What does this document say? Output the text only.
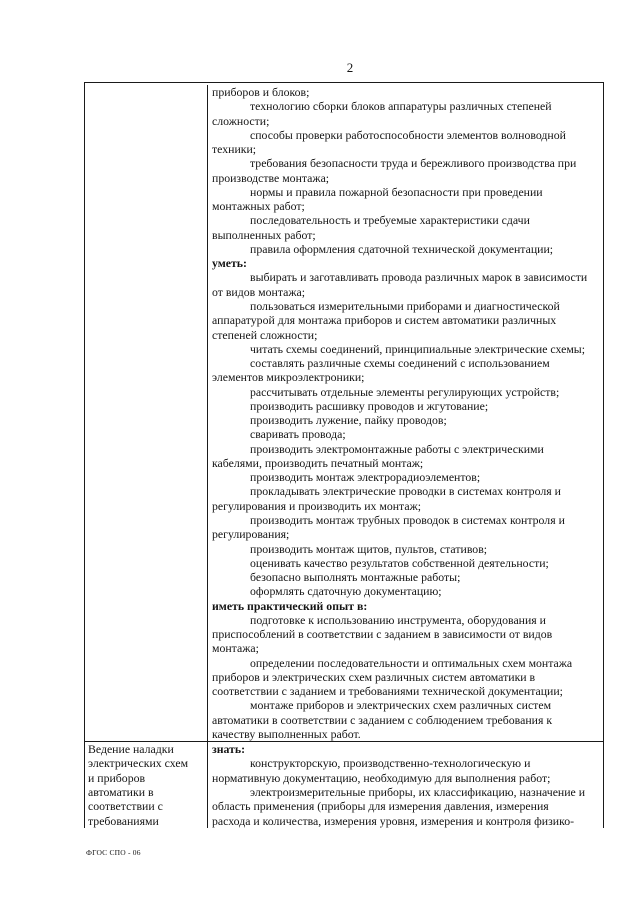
2
приборов и блоков;
технологию сборки блоков аппаратуры различных степеней
сложности;
способы проверки работоспособности элементов волноводной
техники;
требования безопасности труда и бережливого производства при
производстве монтажа;
нормы и правила пожарной безопасности при проведении
монтажных работ;
последовательность и требуемые характеристики сдачи
выполненных работ;
правила оформления сдаточной технической документации;
уметь:
выбирать и заготавливать провода различных марок в зависимости
от видов монтажа;
пользоваться измерительными приборами и диагностической
аппаратурой для монтажа приборов и систем автоматики различных
степеней сложности;
читать схемы соединений, принципиальные электрические схемы;
составлять различные схемы соединений с использованием
элементов микроэлектроники;
рассчитывать отдельные элементы регулирующих устройств;
производить расшивку проводов и жгутование;
производить лужение, пайку проводов;
сваривать провода;
производить электромонтажные работы с электрическими
кабелями, производить печатный монтаж;
производить монтаж электрорадиоэлементов;
прокладывать электрические проводки в системах контроля и
регулирования и производить их монтаж;
производить монтаж трубных проводок в системах контроля и
регулирования;
производить монтаж щитов, пультов, стативов;
оценивать качество результатов собственной деятельности;
безопасно выполнять монтажные работы;
оформлять сдаточную документацию;
иметь практический опыт в:
подготовке к использованию инструмента, оборудования и
приспособлений в соответствии с заданием в зависимости от видов
монтажа;
определении последовательности и оптимальных схем монтажа
приборов и электрических схем различных систем автоматики в
соответствии с заданием и требованиями технической документации;
монтаже приборов и электрических схем различных систем
автоматики в соответствии с заданием с соблюдением требования к
качеству выполненных работ.
Ведение наладки
электрических схем
и приборов
автоматики в
соответствии с
требованиями
знать:
конструкторскую, производственно-технологическую и
нормативную документацию, необходимую для выполнения работ;
электроизмерительные приборы, их классификацию, назначение и
область применения (приборы для измерения давления, измерения
расхода и количества, измерения уровня, измерения и контроля физико-
ФГОС СПО - 06
